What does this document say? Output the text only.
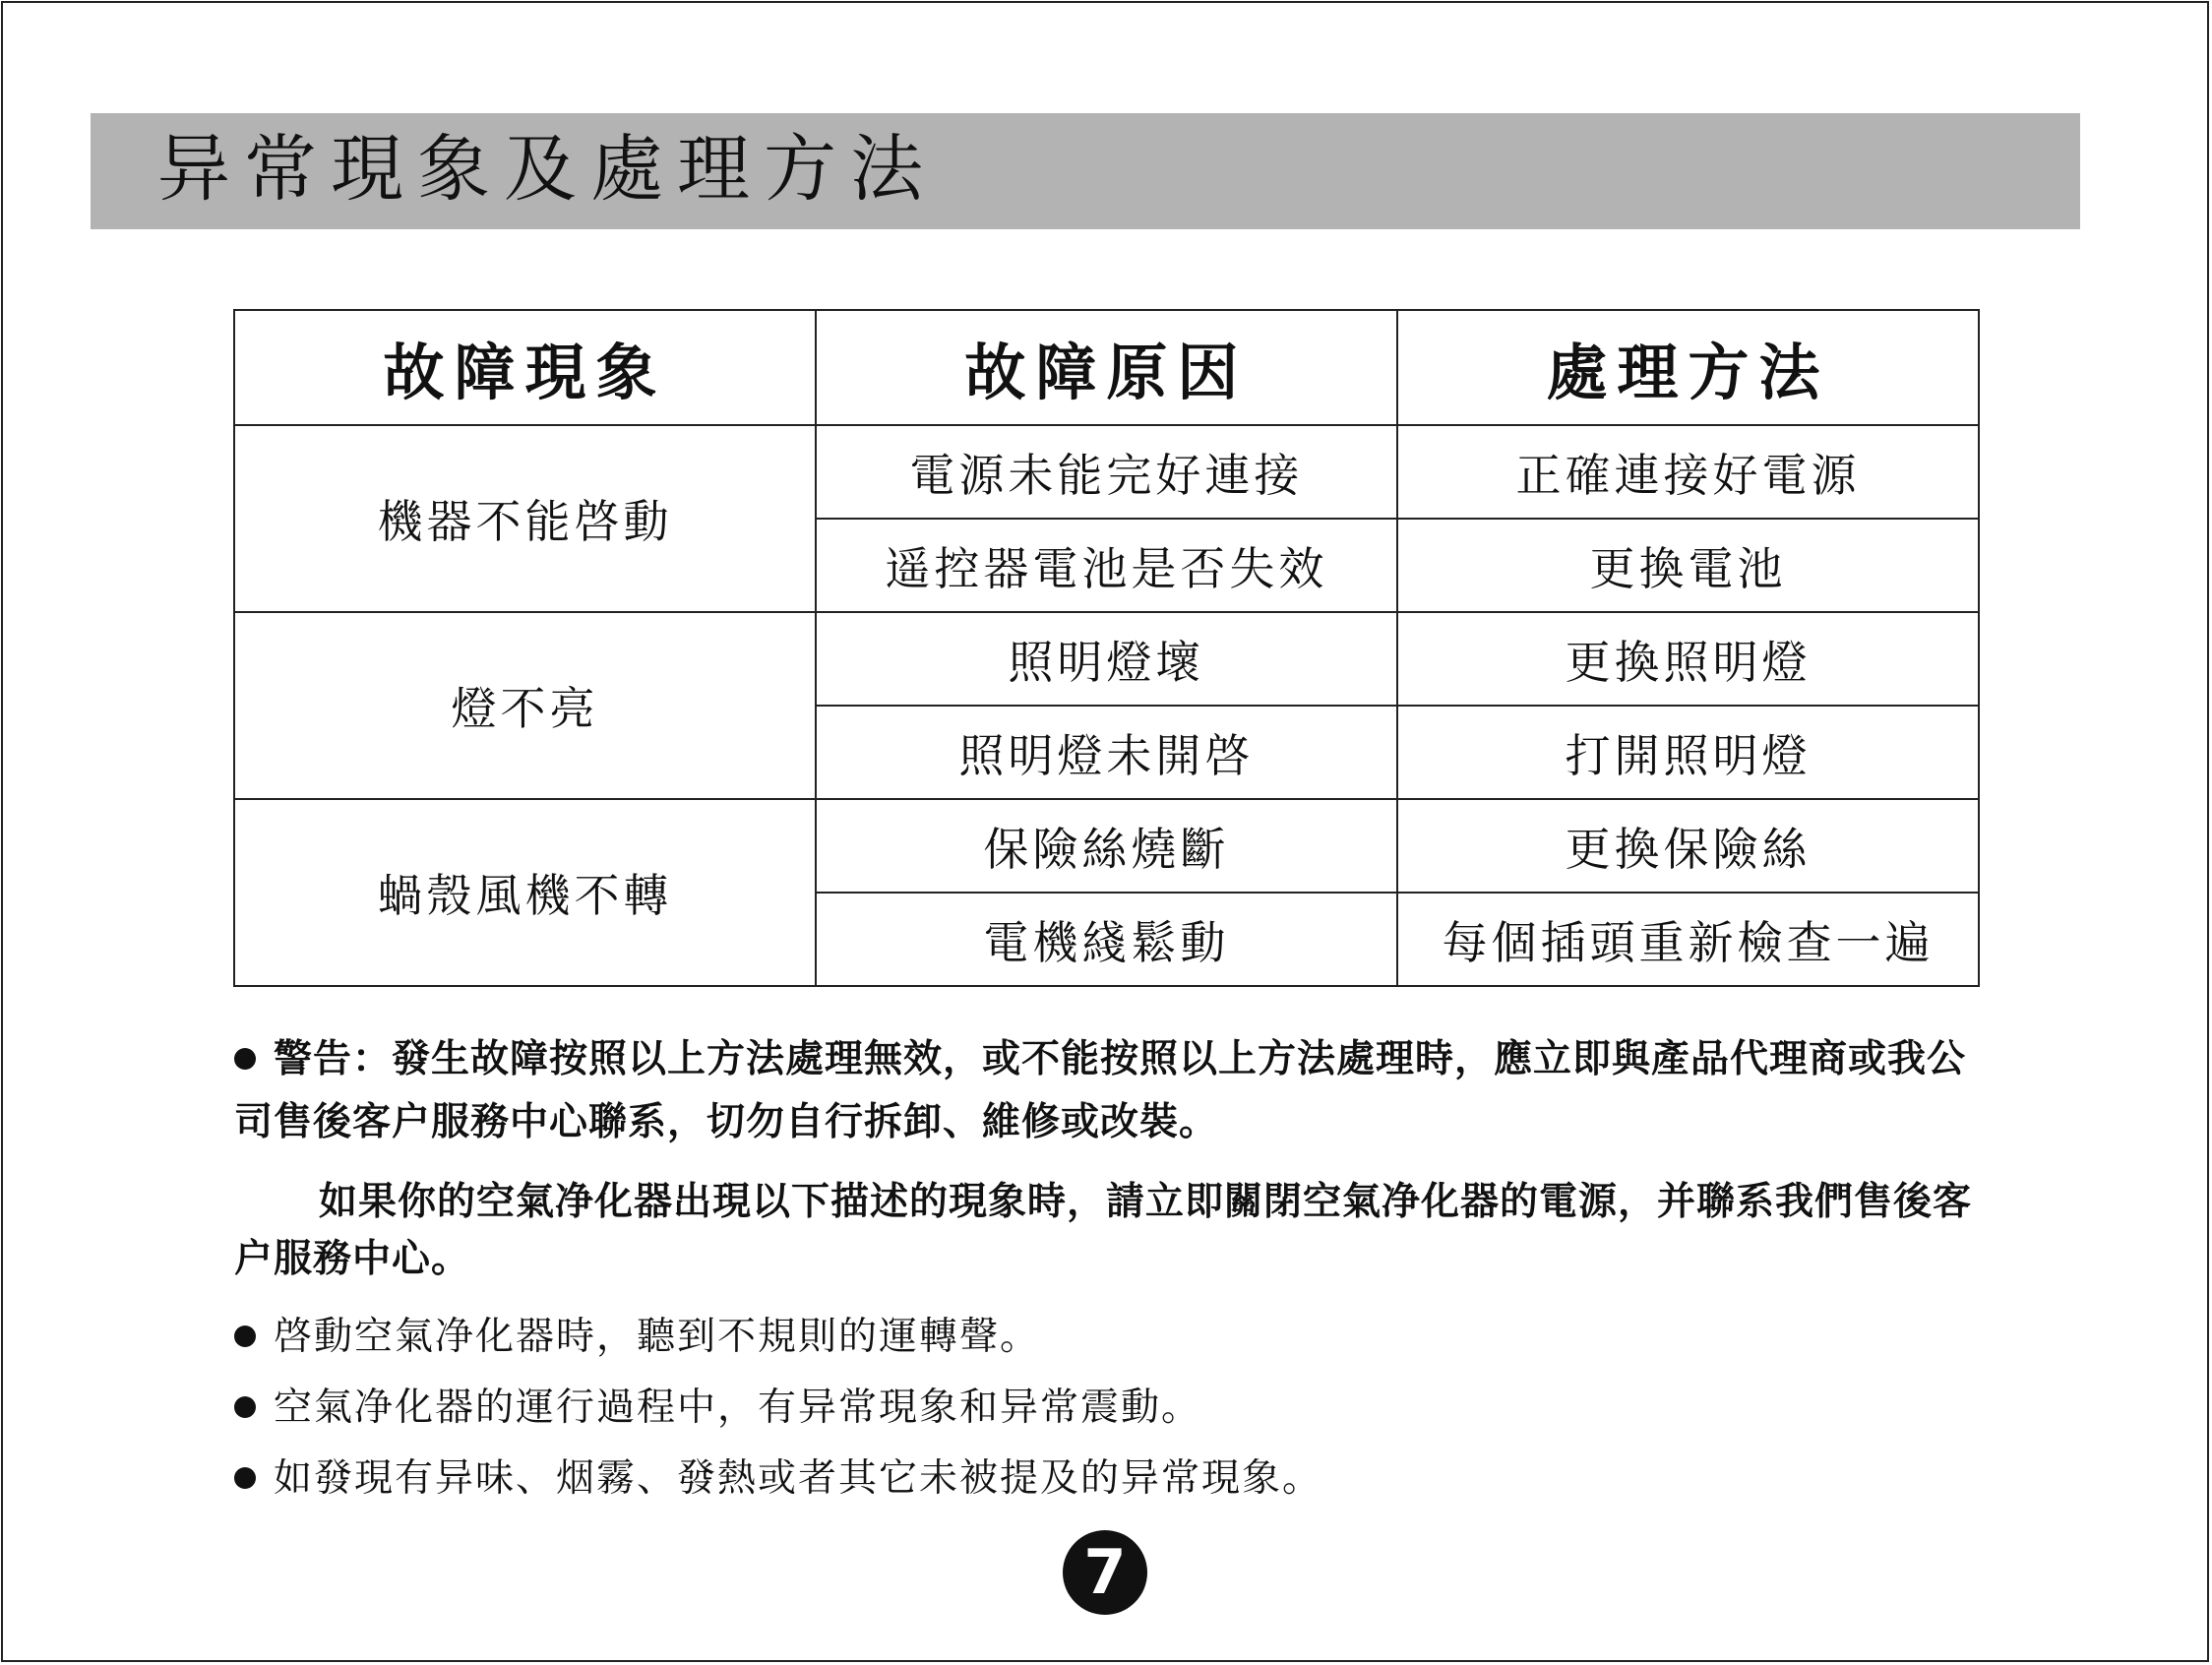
异常現象及處理方法
故障現象	故障原因	處理方法
機器不能啓動	電源未能完好連接	正確連接好電源
	遥控器電池是否失效	更換電池
燈不亮	照明燈壞	更換照明燈
	照明燈未開啓	打開照明燈
蝸殼風機不轉	保險絲燒斷	更換保險絲
	電機綫鬆動	每個插頭重新檢查一遍
警告：發生故障按照以上方法處理無效，或不能按照以上方法處理時，應立即與產品代理商或我公司售後客户服務中心聯系，切勿自行拆卸、維修或改裝。
如果你的空氣净化器出現以下描述的現象時，請立即關閉空氣净化器的電源，并聯系我們售後客户服務中心。
啓動空氣净化器時，聽到不規則的運轉聲。
空氣净化器的運行過程中，有异常現象和异常震動。
如發現有异味、烟霧、發熱或者其它未被提及的异常現象。
7
